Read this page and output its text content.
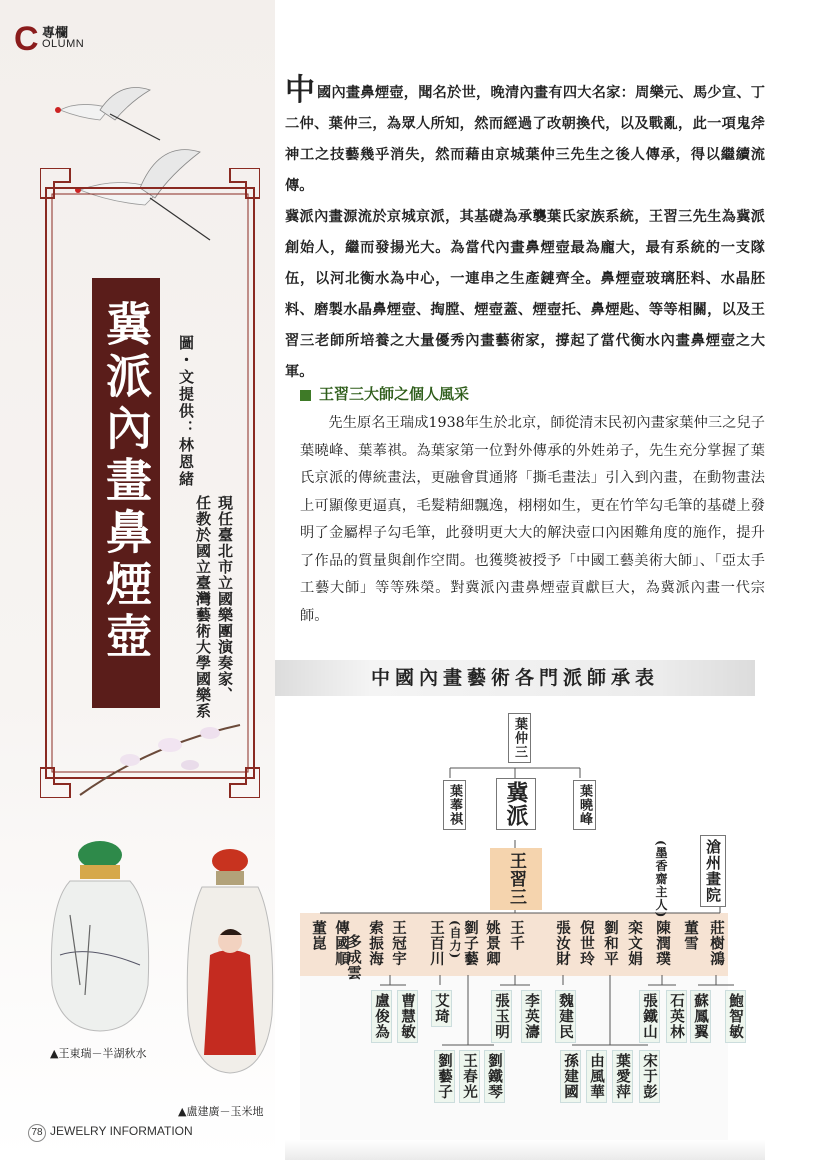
C 專欄
OLUMN
冀派內畫鼻煙壺	圖・文提供：林恩緒
現任臺北市立國樂團演奏家、
任教於國立臺灣藝術大學國樂系
▲王東瑞－半湖秋水
▲盧建廣－玉米地
78 JEWELRY INFORMATION

中國內畫鼻煙壺，聞名於世，晚清內畫有四大名家：周樂元、馬少宣、丁二仲、葉仲三，為眾人所知，然而經過了改朝換代，以及戰亂，此一項鬼斧神工之技藝幾乎消失，然而藉由京城葉仲三先生之後人傳承，得以繼續流傳。

冀派內畫源流於京城京派，其基礎為承襲葉氏家族系統，王習三先生為冀派創始人，繼而發揚光大。為當代內畫鼻煙壺最為龐大，最有系統的一支隊伍，以河北衡水為中心，一連串之生產鏈齊全。鼻煙壺玻璃胚料、水晶胚料、磨製水晶鼻煙壺、掏膛、煙壺蓋、煙壺托、鼻煙匙、等等相關，以及王習三老師所培養之大量優秀內畫藝術家，撐起了當代衡水內畫鼻煙壺之大軍。

王習三大師之個人風采

先生原名王瑞成1938年生於北京，師從清末民初內畫家葉仲三之兒子葉曉峰、葉菶祺。為葉家第一位對外傳承的外姓弟子，先生充分掌握了葉氏京派的傳統畫法，更融會貫通將「撕毛畫法」引入到內畫，在動物畫法上可顯像更逼真，毛髮精細飄逸，栩栩如生，更在竹竿勾毛筆的基礎上發明了金屬桿子勾毛筆，此發明更大大的解決壺口內困難角度的施作，提升了作品的質量與創作空間。也獲獎被授予「中國工藝美術大師」、「亞太手工藝大師」等等殊榮。對冀派內畫鼻煙壺貢獻巨大，為冀派內畫一代宗師。

中國內畫藝術各門派師承表
葉仲三
葉菶祺	冀派	葉曉峰
王習三	滄州畫院
(墨香齋主人)
莊樹鴻
董雪
陳潤璞
栾文娟
劉和平
倪世玲
張汝財
王千
姚景卿
劉子藝
(自力)
王百川
王冠宇
索振海
多成雲
傳國順
董崑
鮑智敏
蘇鳳翼
石英林
張鐵山
魏建民
李英濤
張玉明
艾琦
曹慧敏
盧俊為
宋于彭
葉愛萍
由風華
孫建國
劉鐵琴
王春光
劉藝子
